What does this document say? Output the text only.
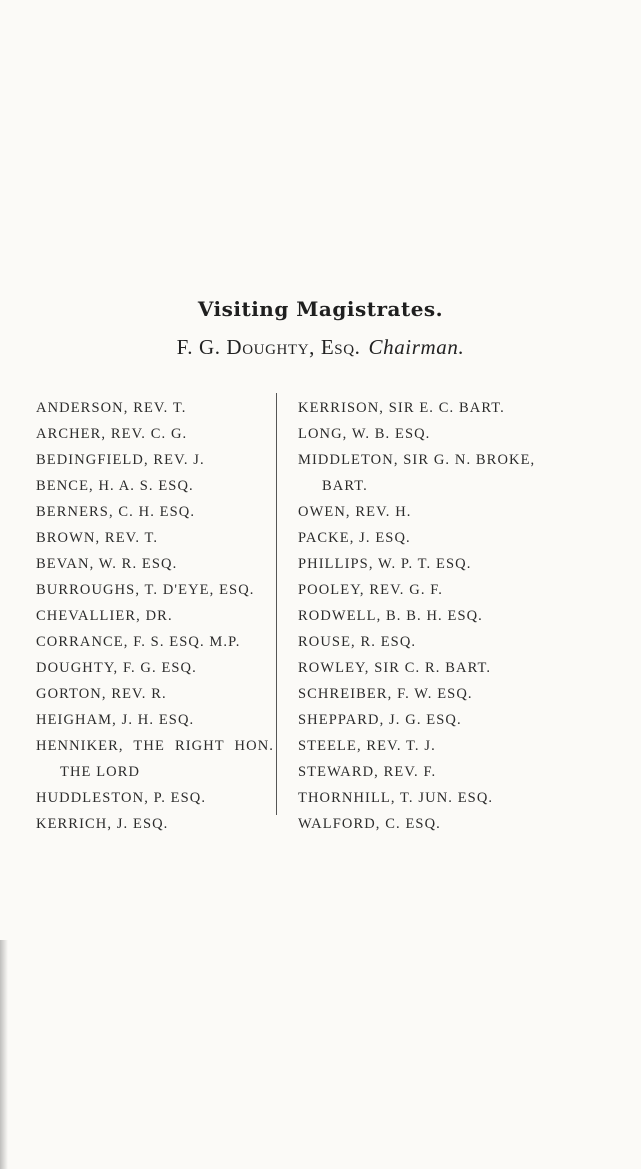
Visiting Magistrates.
F. G. Doughty, Esq. Chairman.
ANDERSON, REV. T.
ARCHER, REV. C. G.
BEDINGFIELD, REV. J.
BENCE, H. A. S. ESQ.
BERNERS, C. H. ESQ.
BROWN, REV. T.
BEVAN, W. R. ESQ.
BURROUGHS, T. D'EYE, ESQ.
CHEVALLIER, DR.
CORRANCE, F. S. ESQ. M.P.
DOUGHTY, F. G. ESQ.
GORTON, REV. R.
HEIGHAM, J. H. ESQ.
HENNIKER, THE RIGHT HON.
THE LORD
HUDDLESTON, P. ESQ.
KERRICH, J. ESQ.
KERRISON, SIR E. C. BART.
LONG, W. B. ESQ.
MIDDLETON, SIR G. N. BROKE,
BART.
OWEN, REV. H.
PACKE, J. ESQ.
PHILLIPS, W. P. T. ESQ.
POOLEY, REV. G. F.
RODWELL, B. B. H. ESQ.
ROUSE, R. ESQ.
ROWLEY, SIR C. R. BART.
SCHREIBER, F. W. ESQ.
SHEPPARD, J. G. ESQ.
STEELE, REV. T. J.
STEWARD, REV. F.
THORNHILL, T. JUN. ESQ.
WALFORD, C. ESQ.
